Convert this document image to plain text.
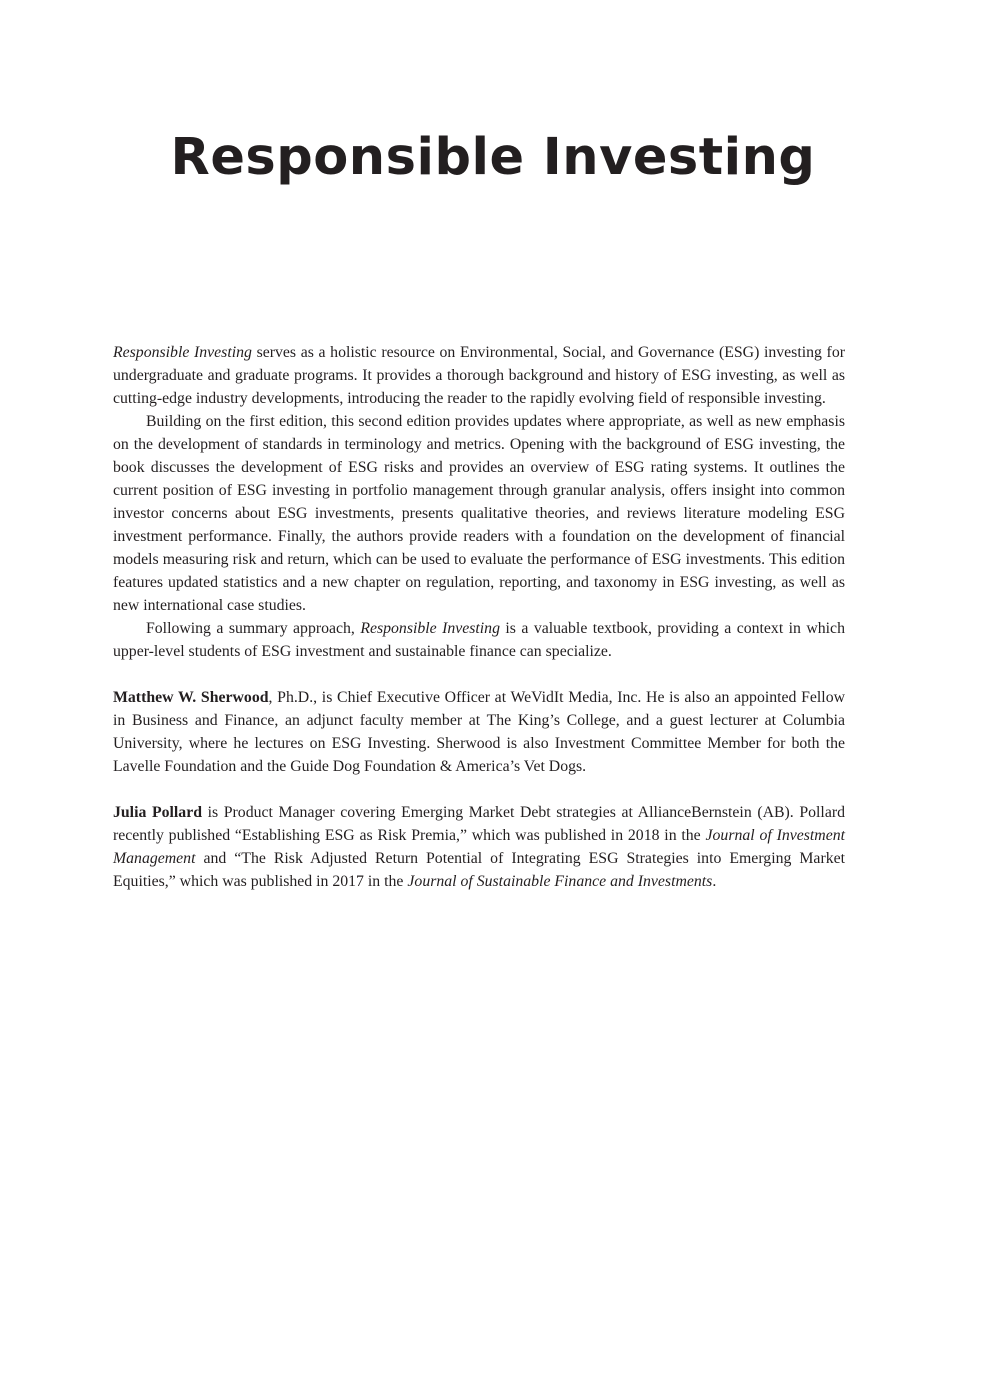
Responsible Investing

Responsible Investing serves as a holistic resource on Environmental, Social, and Governance (ESG) investing for undergraduate and graduate programs. It provides a thorough background and history of ESG investing, as well as cutting-edge industry developments, introducing the reader to the rapidly evolving field of responsible investing.

Building on the first edition, this second edition provides updates where appropriate, as well as new emphasis on the development of standards in terminology and metrics. Opening with the background of ESG investing, the book discusses the development of ESG risks and provides an overview of ESG rating systems. It outlines the current position of ESG investing in portfolio management through granular analysis, offers insight into common investor concerns about ESG investments, presents qualitative theories, and reviews literature modeling ESG investment performance. Finally, the authors provide readers with a foundation on the development of financial models measuring risk and return, which can be used to evaluate the performance of ESG investments. This edition features updated statistics and a new chapter on regulation, reporting, and taxonomy in ESG investing, as well as new international case studies.

Following a summary approach, Responsible Investing is a valuable textbook, providing a context in which upper-level students of ESG investment and sustainable finance can specialize.

Matthew W. Sherwood, Ph.D., is Chief Executive Officer at WeVidIt Media, Inc. He is also an appointed Fellow in Business and Finance, an adjunct faculty member at The King’s College, and a guest lecturer at Columbia University, where he lectures on ESG Investing. Sherwood is also Investment Committee Member for both the Lavelle Foundation and the Guide Dog Foundation & America’s Vet Dogs.

Julia Pollard is Product Manager covering Emerging Market Debt strategies at AllianceBernstein (AB). Pollard recently published “Establishing ESG as Risk Premia,” which was published in 2018 in the Journal of Investment Management and “The Risk Adjusted Return Potential of Integrating ESG Strategies into Emerging Market Equities,” which was published in 2017 in the Journal of Sustainable Finance and Investments.
